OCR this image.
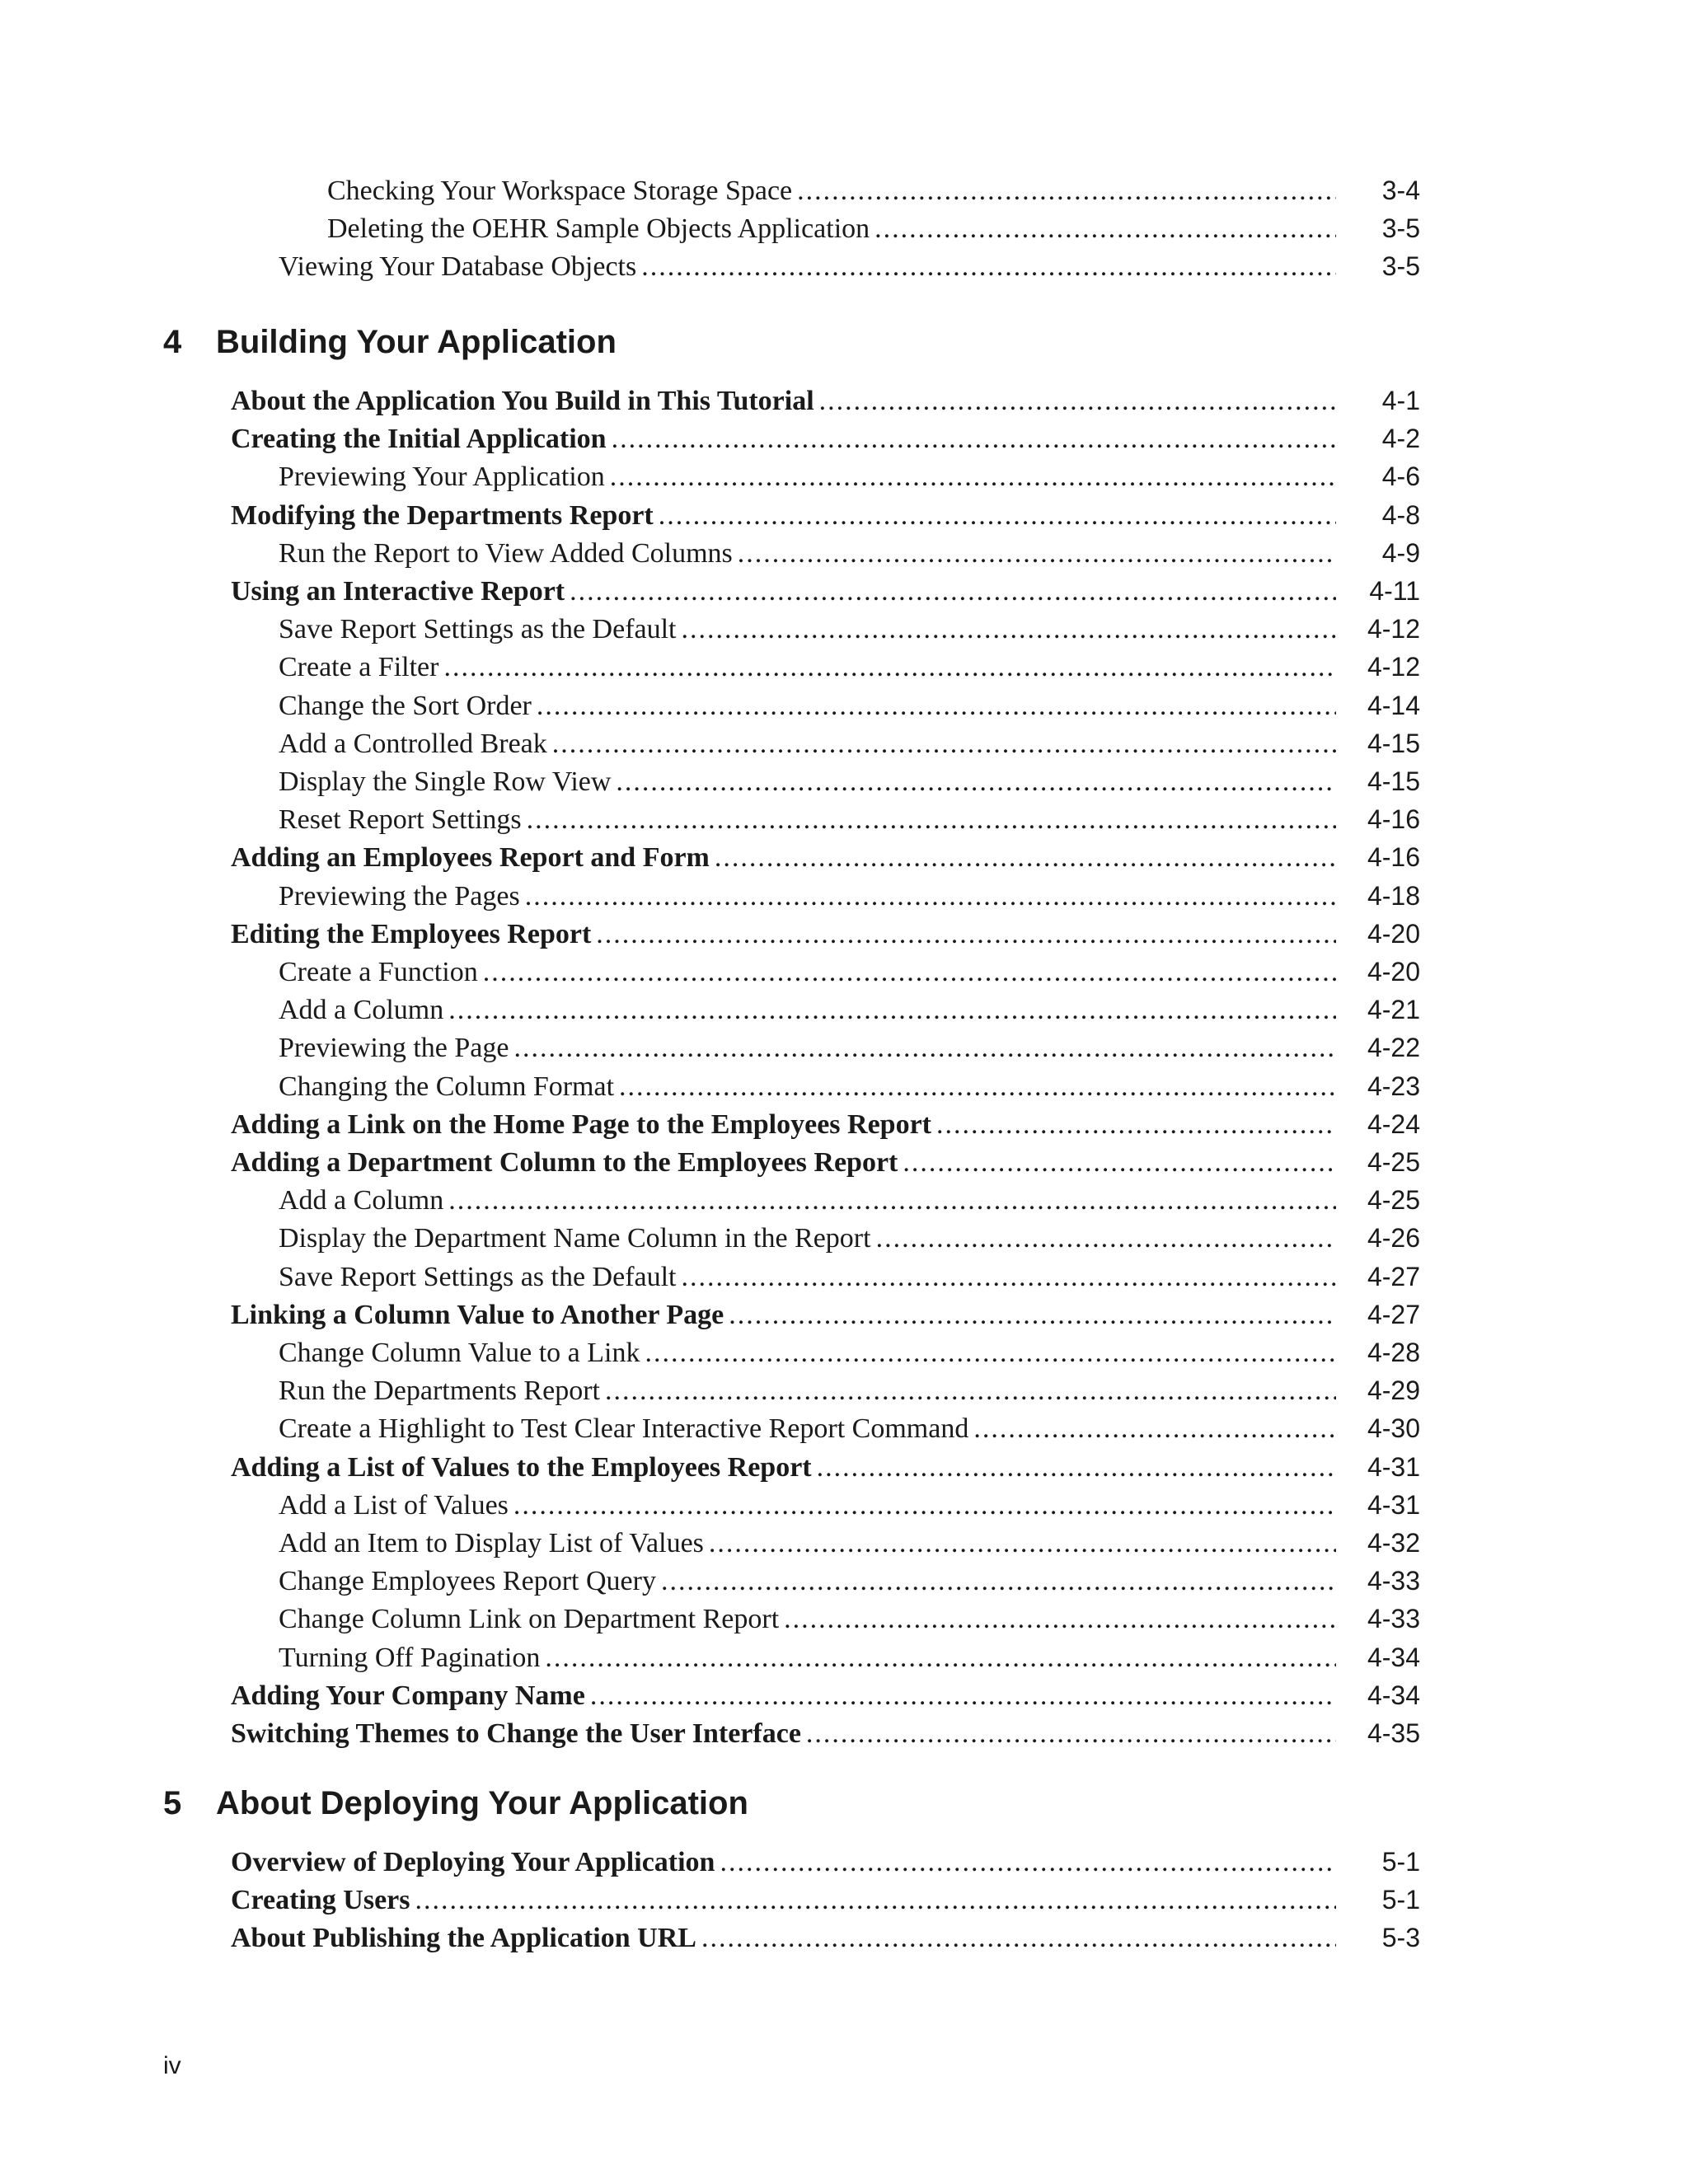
Checking Your Workspace Storage Space .....	3-4
Deleting the OEHR Sample Objects Application .....	3-5
Viewing Your Database Objects .....	3-5
4	Building Your Application
About the Application You Build in This Tutorial .....	4-1
Creating the Initial Application .....	4-2
Previewing Your Application .....	4-6
Modifying the Departments Report .....	4-8
Run the Report to View Added Columns .....	4-9
Using an Interactive Report .....	4-11
Save Report Settings as the Default .....	4-12
Create a Filter .....	4-12
Change the Sort Order .....	4-14
Add a Controlled Break .....	4-15
Display the Single Row View .....	4-15
Reset Report Settings .....	4-16
Adding an Employees Report and Form .....	4-16
Previewing the Pages .....	4-18
Editing the Employees Report .....	4-20
Create a Function .....	4-20
Add a Column .....	4-21
Previewing the Page .....	4-22
Changing the Column Format .....	4-23
Adding a Link on the Home Page to the Employees Report .....	4-24
Adding a Department Column to the Employees Report .....	4-25
Add a Column .....	4-25
Display the Department Name Column in the Report .....	4-26
Save Report Settings as the Default .....	4-27
Linking a Column Value to Another Page .....	4-27
Change Column Value to a Link .....	4-28
Run the Departments Report .....	4-29
Create a Highlight to Test Clear Interactive Report Command .....	4-30
Adding a List of Values to the Employees Report .....	4-31
Add a List of Values .....	4-31
Add an Item to Display List of Values .....	4-32
Change Employees Report Query .....	4-33
Change Column Link on Department Report .....	4-33
Turning Off Pagination .....	4-34
Adding Your Company Name .....	4-34
Switching Themes to Change the User Interface .....	4-35
5	About Deploying Your Application
Overview of Deploying Your Application .....	5-1
Creating Users .....	5-1
About Publishing the Application URL .....	5-3
iv
